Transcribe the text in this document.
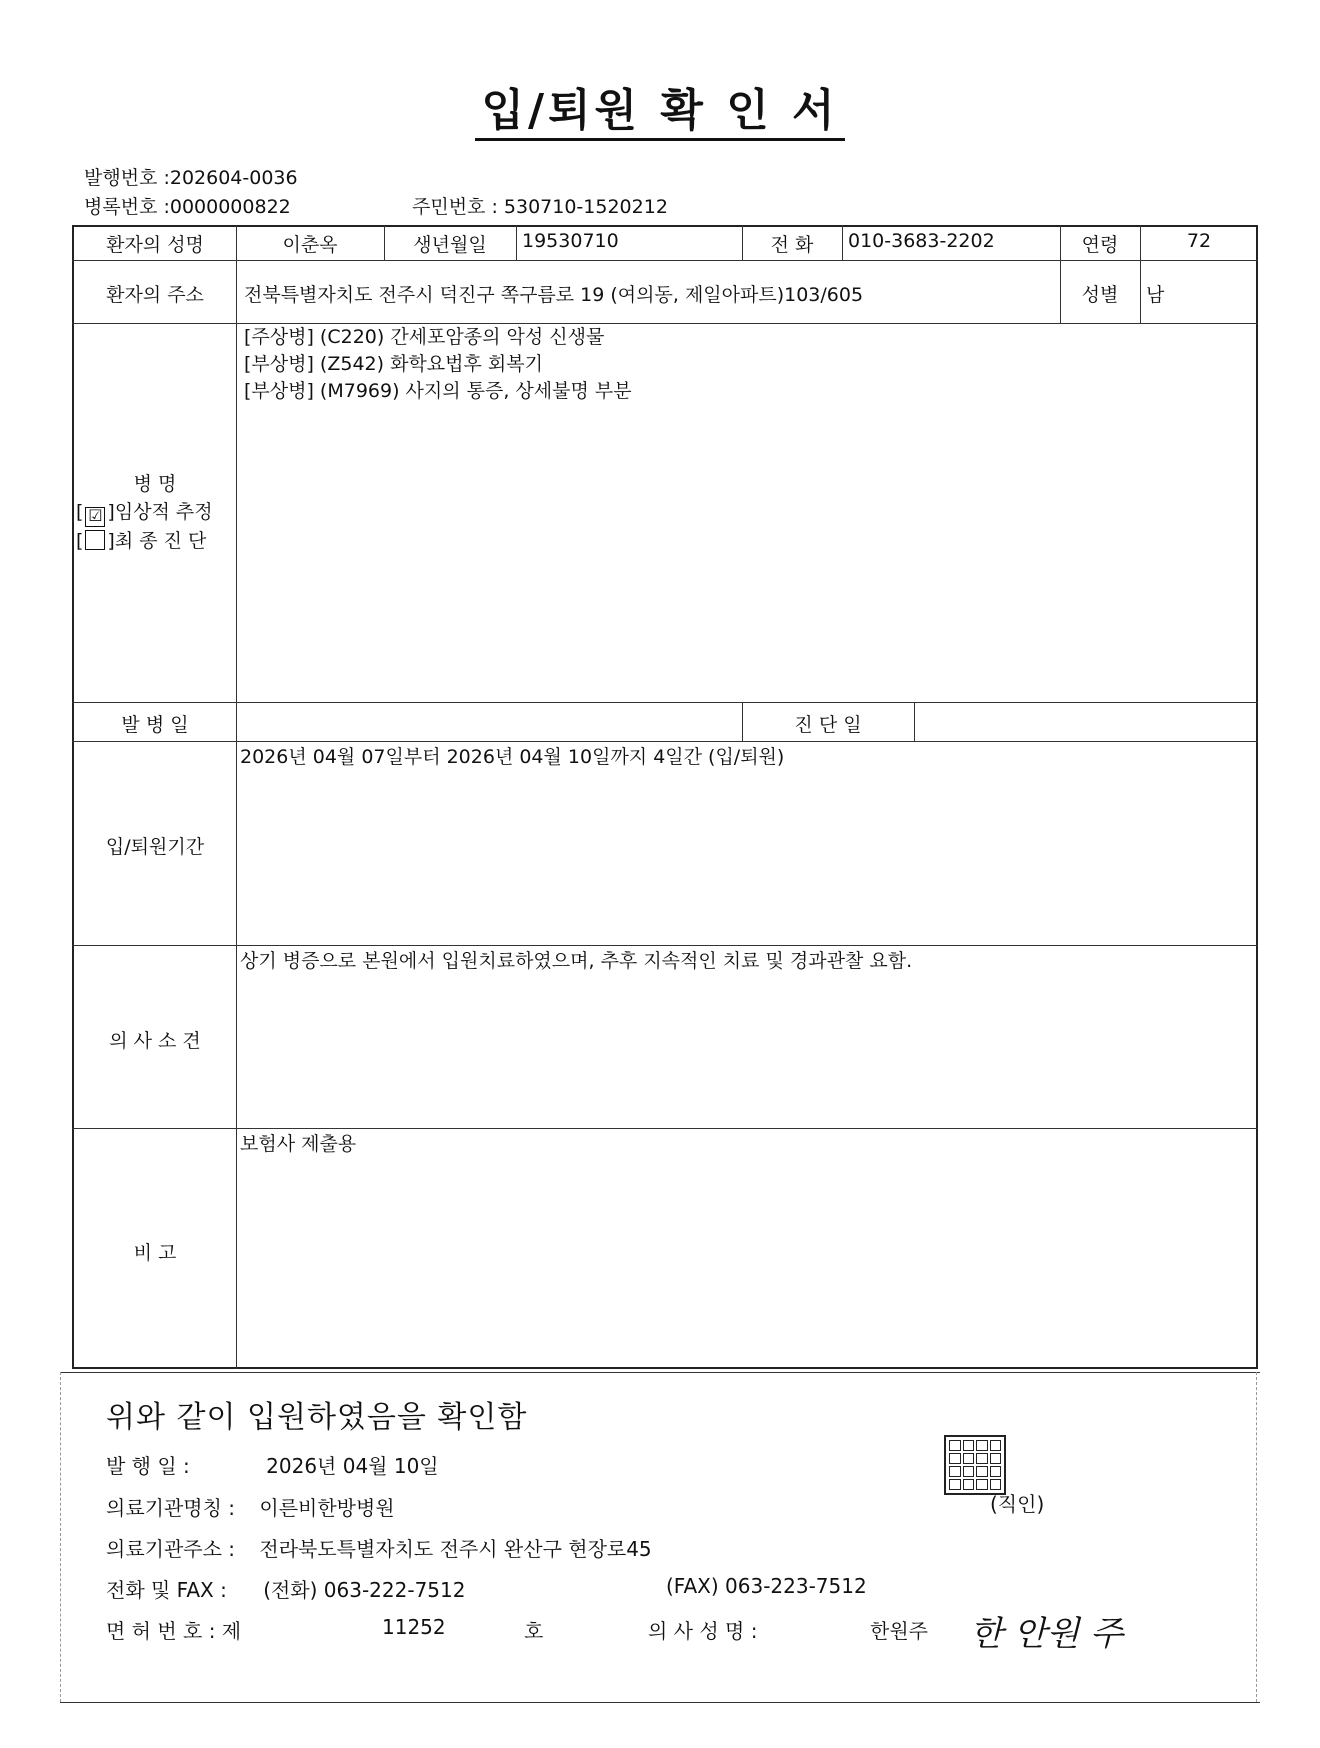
입/퇴원 확 인 서
발행번호 :202604-0036
병록번호 :0000000822	주민번호 : 530710-1520212
환자의 성명	이춘옥	생년월일	19530710	전 화	010-3683-2202	연령	72
환자의 주소	전북특별자치도 전주시 덕진구 쪽구름로 19 (여의동, 제일아파트)103/605	성별	남
병 명
[ ☑ ]임상적 추정
[ ]최 종 진 단
[주상병] (C220) 간세포암종의 악성 신생물
[부상병] (Z542) 화학요법후 회복기
[부상병] (M7969) 사지의 통증, 상세불명 부분
발 병 일	진 단 일
입/퇴원기간
2026년 04월 07일부터 2026년 04월 10일까지 4일간 (입/퇴원)
의 사 소 견
상기 병증으로 본원에서 입원치료하였으며, 추후 지속적인 치료 및 경과관찰 요함.
비 고
보험사 제출용
위와 같이 입원하였음을 확인함
발 행 일 :	2026년 04월 10일
(직인)
의료기관명칭 : 이른비한방병원
의료기관주소 : 전라북도특별자치도 전주시 완산구 현장로45
전화 및 FAX : (전화) 063-222-7512	(FAX) 063-223-7512
면 허 번 호 : 제	11252	호	의 사 성 명 :	한원주 한 안원 주
